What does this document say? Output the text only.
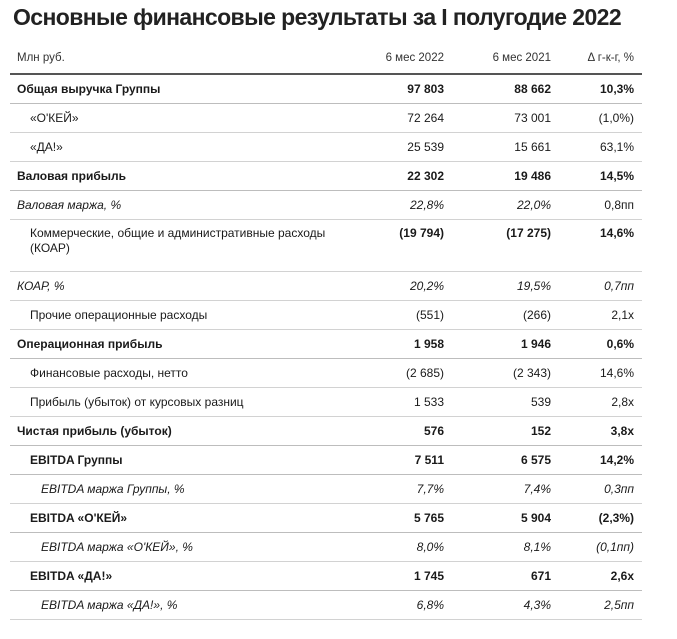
Основные финансовые результаты за I полугодие 2022
Млн руб.	6 мес 2022	6 мес 2021	Δ г-к-г, %
Общая выручка Группы	97 803	88 662	10,3%
«О'КЕЙ»	72 264	73 001	(1,0%)
«ДА!»	25 539	15 661	63,1%
Валовая прибыль	22 302	19 486	14,5%
Валовая маржа, %	22,8%	22,0%	0,8пп
Коммерческие, общие и административные расходы (КОАР)	(19 794)	(17 275)	14,6%
КОАР, %	20,2%	19,5%	0,7пп
Прочие операционные расходы	(551)	(266)	2,1x
Операционная прибыль	1 958	1 946	0,6%
Финансовые расходы, нетто	(2 685)	(2 343)	14,6%
Прибыль (убыток) от курсовых разниц	1 533	539	2,8x
Чистая прибыль (убыток)	576	152	3,8x
EBITDA Группы	7 511	6 575	14,2%
EBITDA маржа Группы, %	7,7%	7,4%	0,3пп
EBITDA «О'КЕЙ»	5 765	5 904	(2,3%)
EBITDA маржа «О'КЕЙ», %	8,0%	8,1%	(0,1пп)
EBITDA «ДА!»	1 745	671	2,6x
EBITDA маржа «ДА!», %	6,8%	4,3%	2,5пп
